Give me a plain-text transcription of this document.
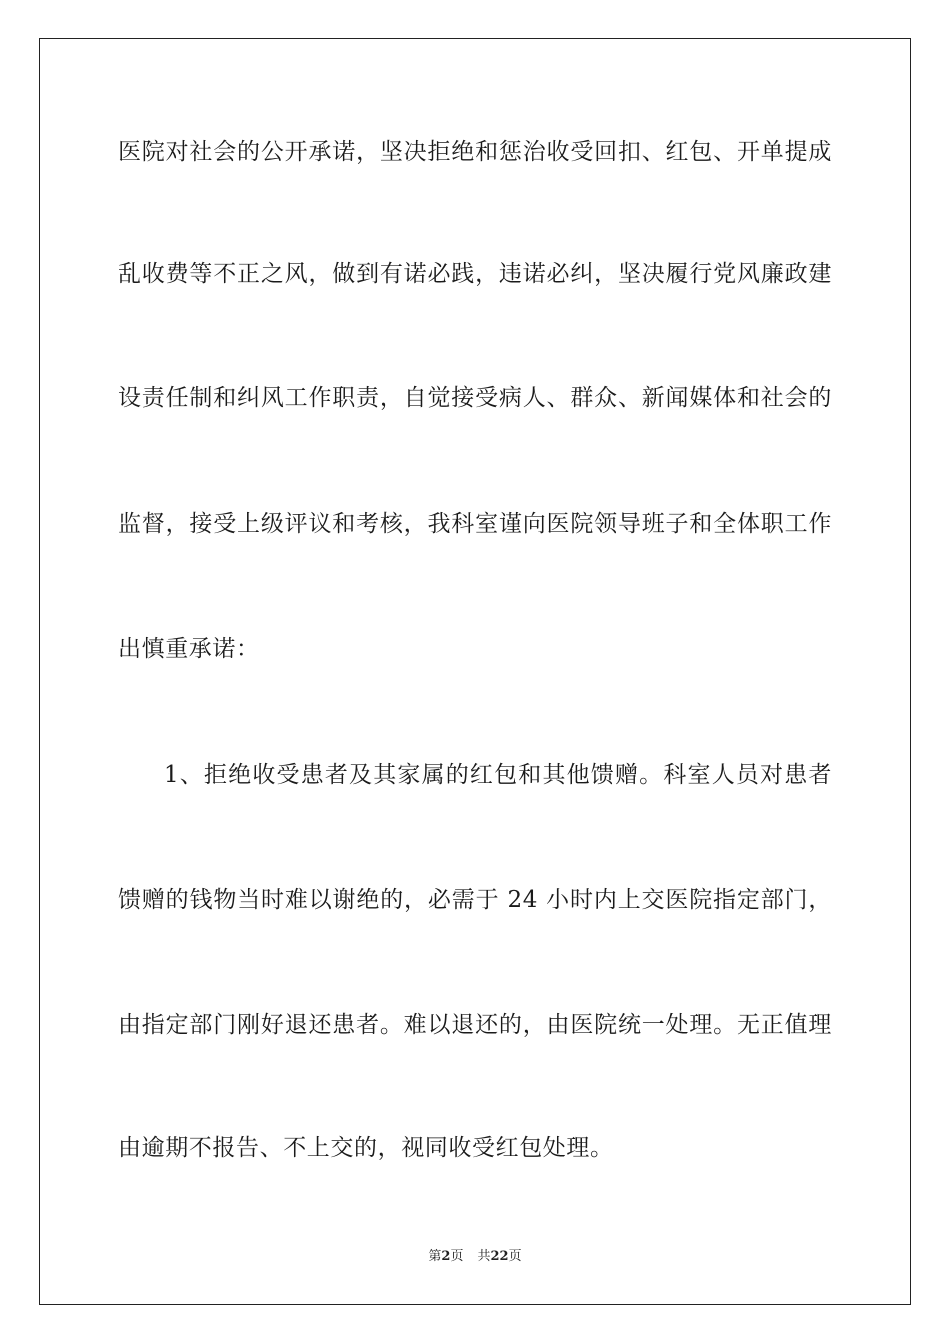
医院对社会的公开承诺，坚决拒绝和惩治收受回扣、红包、开单提成
乱收费等不正之风，做到有诺必践，违诺必纠，坚决履行党风廉政建
设责任制和纠风工作职责，自觉接受病人、群众、新闻媒体和社会的
监督，接受上级评议和考核，我科室谨向医院领导班子和全体职工作
出慎重承诺：
1、拒绝收受患者及其家属的红包和其他馈赠。科室人员对患者
馈赠的钱物当时难以谢绝的，必需于 24 小时内上交医院指定部门，
由指定部门刚好退还患者。难以退还的，由医院统一处理。无正值理
由逾期不报告、不上交的，视同收受红包处理。
第2页 共22页
